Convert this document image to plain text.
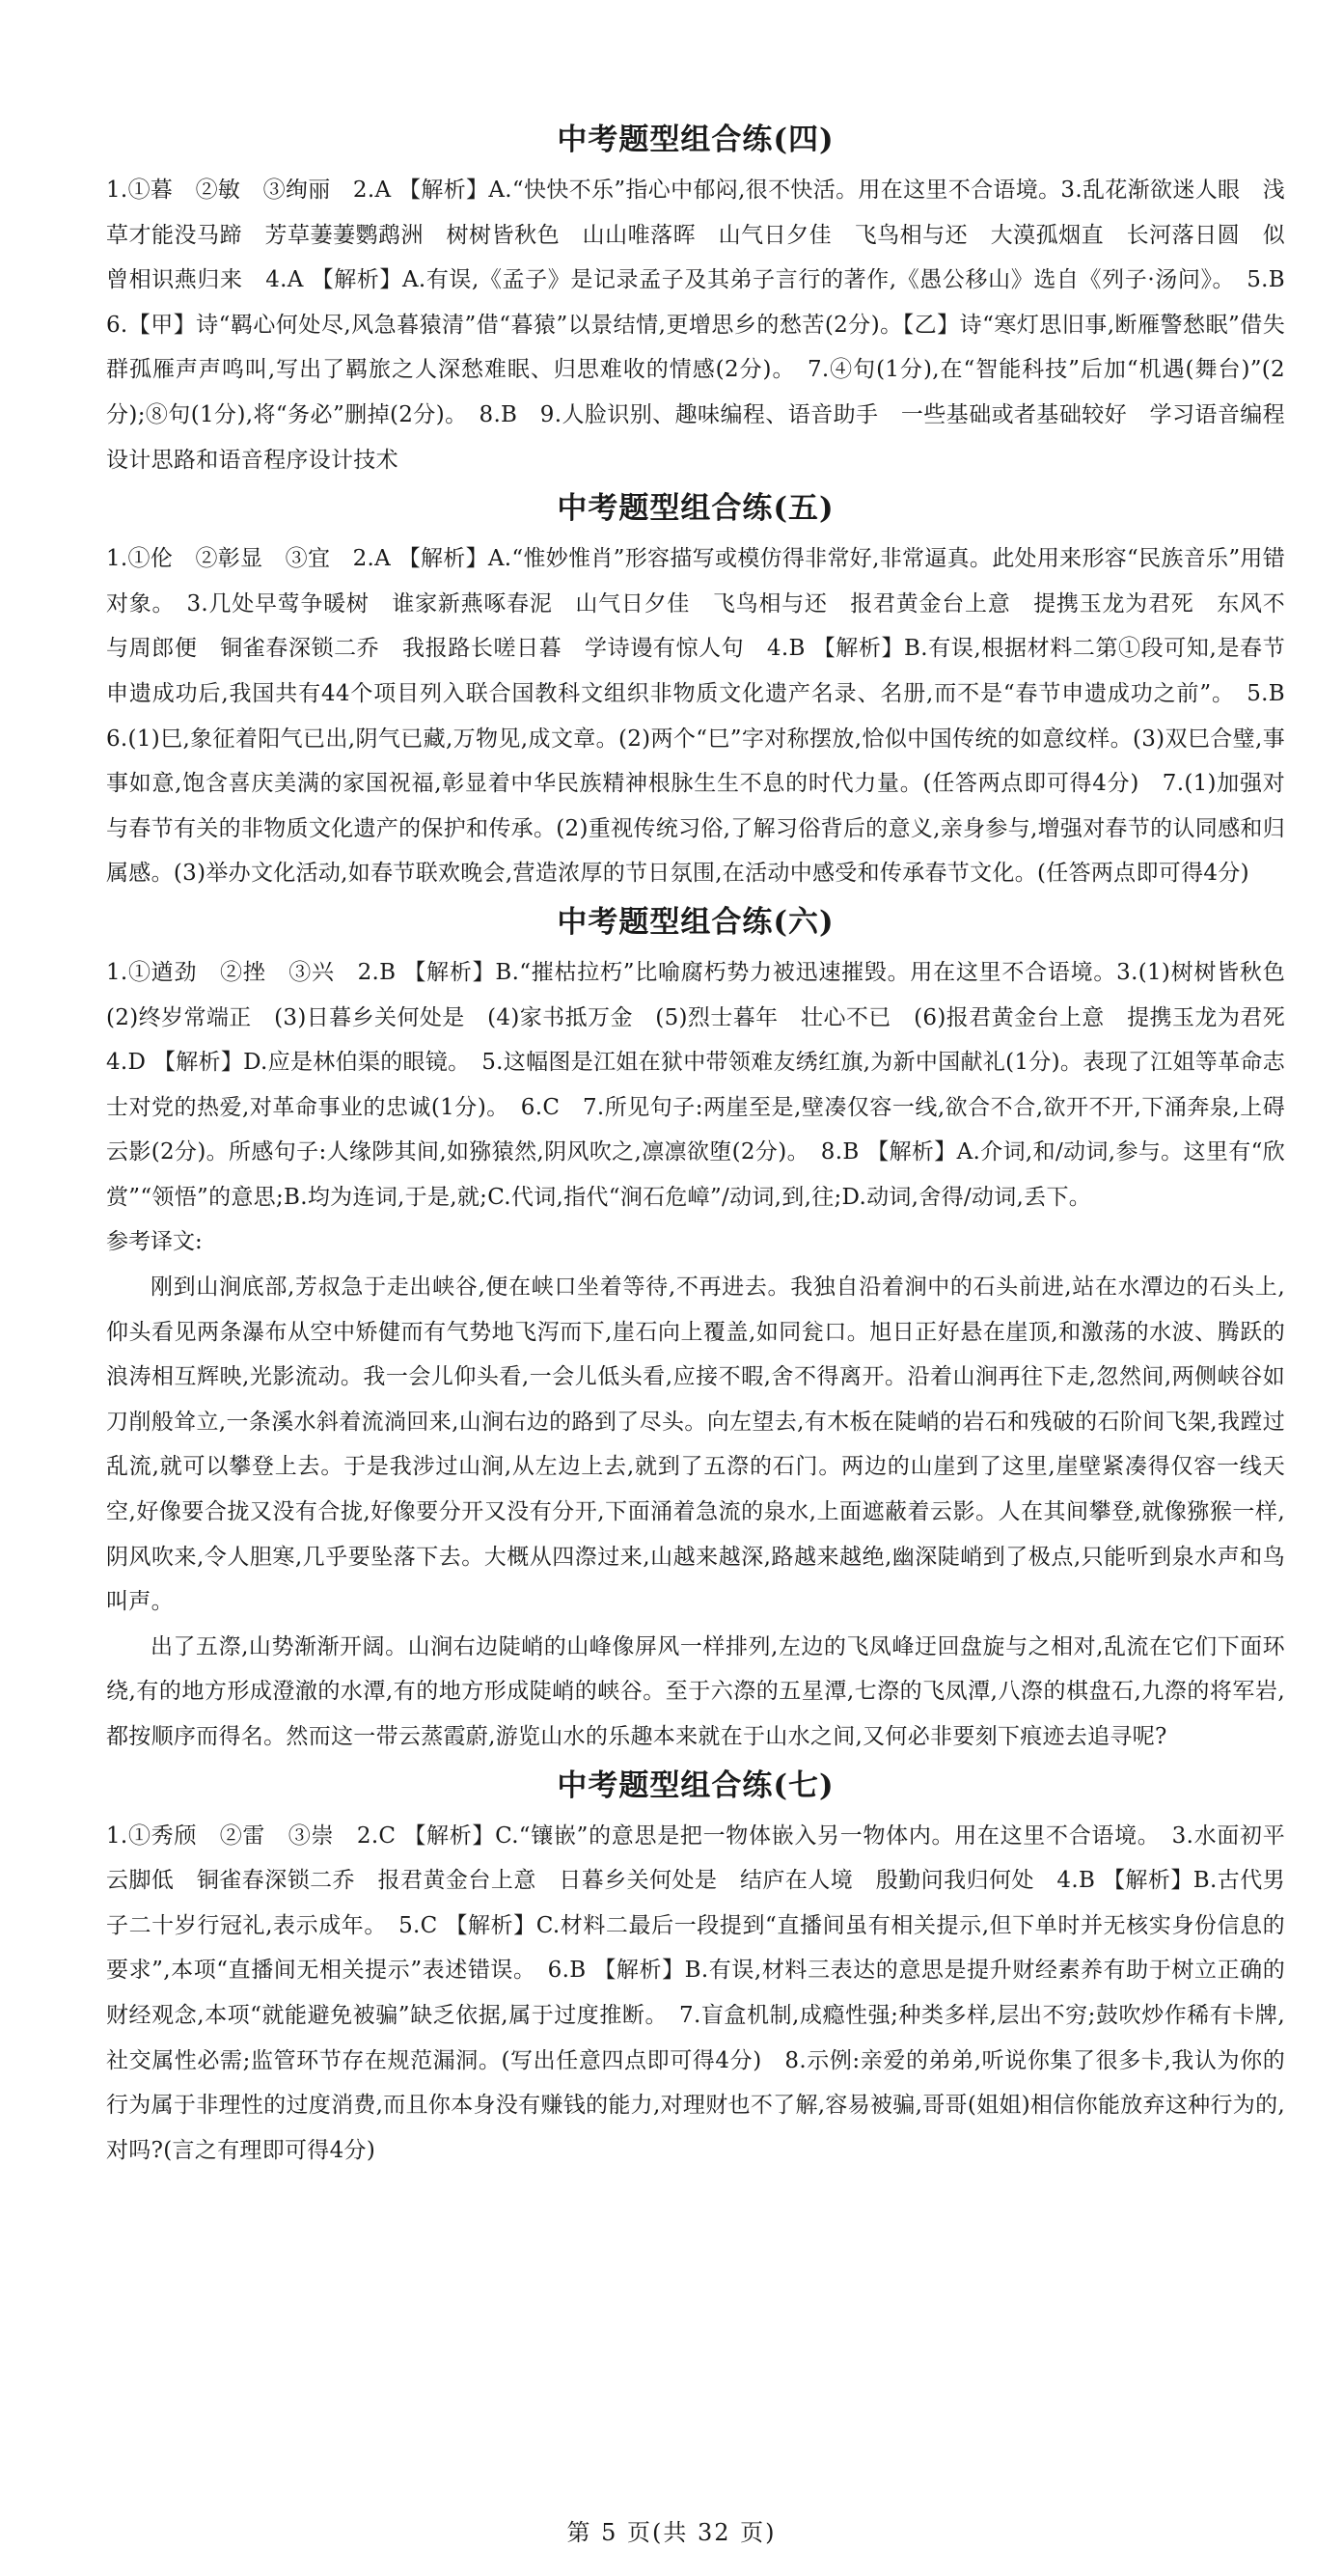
中考题型组合练(四)

1.①暮　②敏　③绚丽　2.A 【解析】A.“快快不乐”指心中郁闷,很不快活。用在这里不合语境。3.乱花渐欲迷人眼　浅草才能没马蹄　芳草萋萋鹦鹉洲　树树皆秋色　山山唯落晖　山气日夕佳　飞鸟相与还　大漠孤烟直　长河落日圆　似曾相识燕归来　4.A 【解析】A.有误,《孟子》是记录孟子及其弟子言行的著作,《愚公移山》选自《列子·汤问》。　5.B　6.【甲】诗“羁心何处尽,风急暮猿清”借“暮猿”以景结情,更增思乡的愁苦(2分)。【乙】诗“寒灯思旧事,断雁警愁眠”借失群孤雁声声鸣叫,写出了羁旅之人深愁难眠、归思难收的情感(2分)。　7.④句(1分),在“智能科技”后加“机遇(舞台)”(2分);⑧句(1分),将“务必”删掉(2分)。　8.B　9.人脸识别、趣味编程、语音助手　一些基础或者基础较好　学习语音编程设计思路和语音程序设计技术

中考题型组合练(五)

1.①伦　②彰显　③宜　2.A 【解析】A.“惟妙惟肖”形容描写或模仿得非常好,非常逼真。此处用来形容“民族音乐”用错对象。　3.几处早莺争暖树　谁家新燕啄春泥　山气日夕佳　飞鸟相与还　报君黄金台上意　提携玉龙为君死　东风不与周郎便　铜雀春深锁二乔　我报路长嗟日暮　学诗谩有惊人句　4.B 【解析】B.有误,根据材料二第①段可知,是春节申遗成功后,我国共有44个项目列入联合国教科文组织非物质文化遗产名录、名册,而不是“春节申遗成功之前”。　5.B　6.(1)巳,象征着阳气已出,阴气已藏,万物见,成文章。(2)两个“巳”字对称摆放,恰似中国传统的如意纹样。(3)双巳合璧,事事如意,饱含喜庆美满的家国祝福,彰显着中华民族精神根脉生生不息的时代力量。(任答两点即可得4分)　7.(1)加强对与春节有关的非物质文化遗产的保护和传承。(2)重视传统习俗,了解习俗背后的意义,亲身参与,增强对春节的认同感和归属感。(3)举办文化活动,如春节联欢晚会,营造浓厚的节日氛围,在活动中感受和传承春节文化。(任答两点即可得4分)

中考题型组合练(六)

1.①遒劲　②挫　③兴　2.B 【解析】B.“摧枯拉朽”比喻腐朽势力被迅速摧毁。用在这里不合语境。3.(1)树树皆秋色　(2)终岁常端正　(3)日暮乡关何处是　(4)家书抵万金　(5)烈士暮年　壮心不已　(6)报君黄金台上意　提携玉龙为君死　4.D 【解析】D.应是林伯渠的眼镜。　5.这幅图是江姐在狱中带领难友绣红旗,为新中国献礼(1分)。表现了江姐等革命志士对党的热爱,对革命事业的忠诚(1分)。　6.C　7.所见句子:两崖至是,壁凑仅容一线,欲合不合,欲开不开,下涌奔泉,上碍云影(2分)。所感句子:人缘陟其间,如猕猿然,阴风吹之,凛凛欲堕(2分)。　8.B 【解析】A.介词,和/动词,参与。这里有“欣赏”“领悟”的意思;B.均为连词,于是,就;C.代词,指代“涧石危嶂”/动词,到,往;D.动词,舍得/动词,丢下。

参考译文:

刚到山涧底部,芳叔急于走出峡谷,便在峡口坐着等待,不再进去。我独自沿着涧中的石头前进,站在水潭边的石头上,仰头看见两条瀑布从空中矫健而有气势地飞泻而下,崖石向上覆盖,如同瓮口。旭日正好悬在崖顶,和激荡的水波、腾跃的浪涛相互辉映,光影流动。我一会儿仰头看,一会儿低头看,应接不暇,舍不得离开。沿着山涧再往下走,忽然间,两侧峡谷如刀削般耸立,一条溪水斜着流淌回来,山涧右边的路到了尽头。向左望去,有木板在陡峭的岩石和残破的石阶间飞架,我蹚过乱流,就可以攀登上去。于是我涉过山涧,从左边上去,就到了五漈的石门。两边的山崖到了这里,崖壁紧凑得仅容一线天空,好像要合拢又没有合拢,好像要分开又没有分开,下面涌着急流的泉水,上面遮蔽着云影。人在其间攀登,就像猕猴一样,阴风吹来,令人胆寒,几乎要坠落下去。大概从四漈过来,山越来越深,路越来越绝,幽深陡峭到了极点,只能听到泉水声和鸟叫声。

出了五漈,山势渐渐开阔。山涧右边陡峭的山峰像屏风一样排列,左边的飞凤峰迂回盘旋与之相对,乱流在它们下面环绕,有的地方形成澄澈的水潭,有的地方形成陡峭的峡谷。至于六漈的五星潭,七漈的飞凤潭,八漈的棋盘石,九漈的将军岩,都按顺序而得名。然而这一带云蒸霞蔚,游览山水的乐趣本来就在于山水之间,又何必非要刻下痕迹去追寻呢?

中考题型组合练(七)

1.①秀颀　②雷　③崇　2.C 【解析】C.“镶嵌”的意思是把一物体嵌入另一物体内。用在这里不合语境。　3.水面初平云脚低　铜雀春深锁二乔　报君黄金台上意　日暮乡关何处是　结庐在人境　殷勤问我归何处　4.B 【解析】B.古代男子二十岁行冠礼,表示成年。　5.C 【解析】C.材料二最后一段提到“直播间虽有相关提示,但下单时并无核实身份信息的要求”,本项“直播间无相关提示”表述错误。　6.B 【解析】B.有误,材料三表达的意思是提升财经素养有助于树立正确的财经观念,本项“就能避免被骗”缺乏依据,属于过度推断。　7.盲盒机制,成瘾性强;种类多样,层出不穷;鼓吹炒作稀有卡牌,社交属性必需;监管环节存在规范漏洞。(写出任意四点即可得4分)　8.示例:亲爱的弟弟,听说你集了很多卡,我认为你的行为属于非理性的过度消费,而且你本身没有赚钱的能力,对理财也不了解,容易被骗,哥哥(姐姐)相信你能放弃这种行为的,对吗?(言之有理即可得4分)

第 5 页(共 32 页)
